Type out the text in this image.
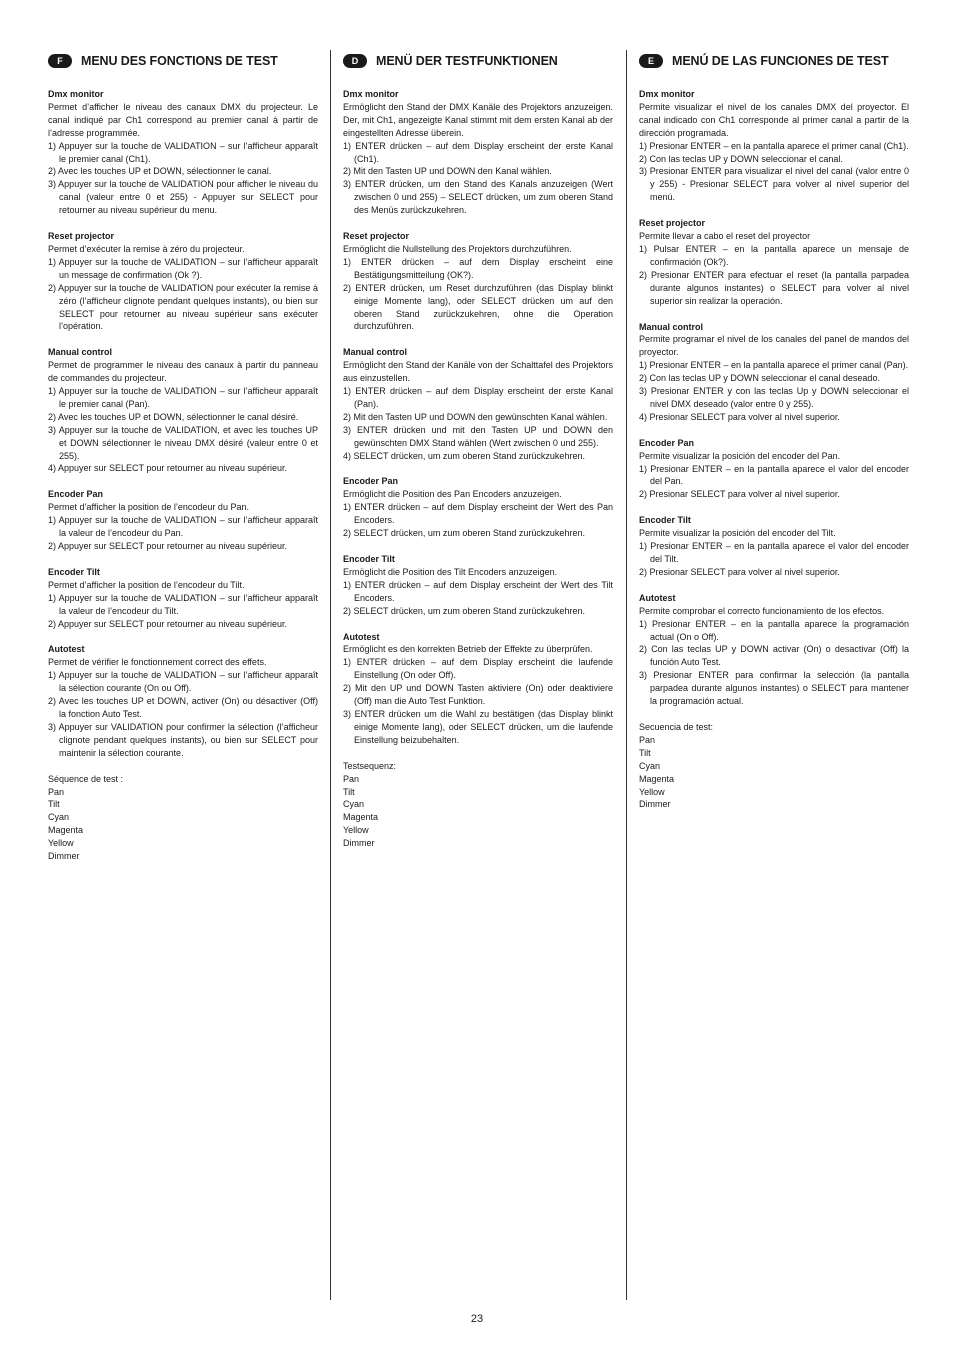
F	MENU DES FONCTIONS DE TEST
Dmx monitor
Permet d’afficher le niveau des canaux DMX du projecteur. Le canal indiqué par Ch1 correspond au premier canal à partir de l’adresse programmée.
1) Appuyer sur la touche de VALIDATION – sur l’afficheur apparaît le premier canal (Ch1).
2) Avec les touches UP et DOWN, sélectionner le canal.
3) Appuyer sur la touche de VALIDATION pour afficher le niveau du canal (valeur entre 0 et 255) - Appuyer sur SELECT pour retourner au niveau supérieur du menu.
Reset projector
Permet d’exécuter la remise à zéro du projecteur.
1) Appuyer sur la touche de VALIDATION – sur l’afficheur apparaît un message de confirmation (Ok ?).
2) Appuyer sur la touche de VALIDATION pour exécuter la remise à zéro (l’afficheur clignote pendant quelques instants), ou bien sur SELECT pour retourner au niveau supérieur sans exécuter l’opération.
Manual control
Permet de programmer le niveau des canaux à partir du panneau de commandes du projecteur.
1) Appuyer sur la touche de VALIDATION – sur l’afficheur apparaît le premier canal (Pan).
2) Avec les touches UP et DOWN, sélectionner le canal désiré.
3) Appuyer sur la touche de VALIDATION, et avec les touches UP et DOWN sélectionner le niveau DMX désiré (valeur entre 0 et 255).
4) Appuyer sur SELECT pour retourner au niveau supérieur.
Encoder Pan
Permet d’afficher la position de l’encodeur du Pan.
1) Appuyer sur la touche de VALIDATION – sur l’afficheur apparaît la valeur de l’encodeur du Pan.
2) Appuyer sur SELECT pour retourner au niveau supérieur.
Encoder Tilt
Permet d’afficher la position de l’encodeur du Tilt.
1) Appuyer sur la touche de VALIDATION – sur l’afficheur apparaît la valeur de l’encodeur du Tilt.
2) Appuyer sur SELECT pour retourner au niveau supérieur.
Autotest
Permet de vérifier le fonctionnement correct des effets.
1) Appuyer sur la touche de VALIDATION – sur l’afficheur apparaît la sélection courante (On ou Off).
2) Avec les touches UP et DOWN, activer (On) ou désactiver (Off) la fonction Auto Test.
3) Appuyer sur VALIDATION pour confirmer la sélection (l’afficheur clignote pendant quelques instants), ou bien sur SELECT pour maintenir la sélection courante.
Séquence de test :
Pan
Tilt
Cyan
Magenta
Yellow
Dimmer
D	MENÜ DER TESTFUNKTIONEN
Dmx monitor
Ermöglicht den Stand der DMX Kanäle des Projektors anzuzeigen. Der, mit Ch1, angezeigte Kanal stimmt mit dem ersten Kanal ab der eingestellten Adresse überein.
1) ENTER drücken – auf dem Display erscheint der erste Kanal (Ch1).
2) Mit den Tasten UP und DOWN den Kanal wählen.
3) ENTER drücken, um den Stand des Kanals anzuzeigen (Wert zwischen 0 und 255) – SELECT drücken, um zum oberen Stand des Menüs zurückzukehren.
Reset projector
Ermöglicht die Nullstellung des Projektors durchzuführen.
1) ENTER drücken – auf dem Display erscheint eine Bestätigungsmitteilung (OK?).
2) ENTER drücken, um Reset durchzuführen (das Display blinkt einige Momente lang), oder SELECT drücken um auf den oberen Stand zurückzukehren, ohne die Operation durchzuführen.
Manual control
Ermöglicht den Stand der Kanäle von der Schalttafel des Projektors aus einzustellen.
1) ENTER drücken – auf dem Display erscheint der erste Kanal (Pan).
2) Mit den Tasten UP und DOWN den gewünschten Kanal wählen.
3) ENTER drücken und mit den Tasten UP und DOWN den gewünschten DMX Stand wählen (Wert zwischen 0 und 255).
4) SELECT drücken, um zum oberen Stand zurückzukehren.
Encoder Pan
Ermöglicht die Position des Pan Encoders anzuzeigen.
1) ENTER drücken – auf dem Display erscheint der Wert des Pan Encoders.
2) SELECT drücken, um zum oberen Stand zurückzukehren.
Encoder Tilt
Ermöglicht die Position des Tilt Encoders anzuzeigen.
1) ENTER drücken – auf dem Display erscheint der Wert des Tilt Encoders.
2) SELECT drücken, um zum oberen Stand zurückzukehren.
Autotest
Ermöglicht es den korrekten Betrieb der Effekte zu überprüfen.
1) ENTER drücken – auf dem Display erscheint die laufende Einstellung (On oder Off).
2) Mit den UP und DOWN Tasten aktiviere (On) oder deaktiviere (Off) man die Auto Test Funktion.
3) ENTER drücken um die Wahl zu bestätigen (das Display blinkt einige Momente lang), oder SELECT drücken, um die laufende Einstellung beizubehalten.
Testsequenz:
Pan
Tilt
Cyan
Magenta
Yellow
Dimmer
E	MENÚ DE LAS FUNCIONES DE TEST
Dmx monitor
Permite visualizar el nivel de los canales DMX del proyector. El canal indicado con Ch1 corresponde al primer canal a partir de la dirección programada.
1) Presionar ENTER – en la pantalla aparece el primer canal (Ch1).
2) Con las teclas UP y DOWN seleccionar el canal.
3) Presionar ENTER para visualizar el nivel del canal (valor entre 0 y 255) - Presionar SELECT para volver al nivel superior del menú.
Reset projector
Permite llevar a cabo el reset del proyector
1) Pulsar ENTER – en la pantalla aparece un mensaje de confirmación (Ok?).
2) Presionar ENTER para efectuar el reset (la pantalla parpadea durante algunos instantes) o SELECT para volver al nivel superior sin realizar la operación.
Manual control
Permite programar el nivel de los canales del panel de mandos del proyector.
1) Presionar ENTER – en la pantalla aparece el primer canal (Pan).
2) Con las teclas UP y DOWN seleccionar el canal deseado.
3) Presionar ENTER y con las teclas Up y DOWN seleccionar el nivel DMX deseado (valor entre 0 y 255).
4) Presionar SELECT para volver al nivel superior.
Encoder Pan
Permite visualizar la posición del encoder del Pan.
1) Presionar ENTER – en la pantalla aparece el valor del encoder del Pan.
2) Presionar SELECT para volver al nivel superior.
Encoder Tilt
Permite visualizar la posición del encoder del Tilt.
1) Presionar ENTER – en la pantalla aparece el valor del encoder del Tilt.
2) Presionar SELECT para volver al nivel superior.
Autotest
Permite comprobar el correcto funcionamiento de los efectos.
1) Presionar ENTER – en la pantalla aparece la programación actual (On o Off).
2) Con las teclas UP y DOWN activar (On) o desactivar (Off) la función Auto Test.
3) Presionar ENTER para confirmar la selección (la pantalla parpadea durante algunos instantes) o SELECT para mantener la programación actual.
Secuencia de test:
Pan
Tilt
Cyan
Magenta
Yellow
Dimmer
23
